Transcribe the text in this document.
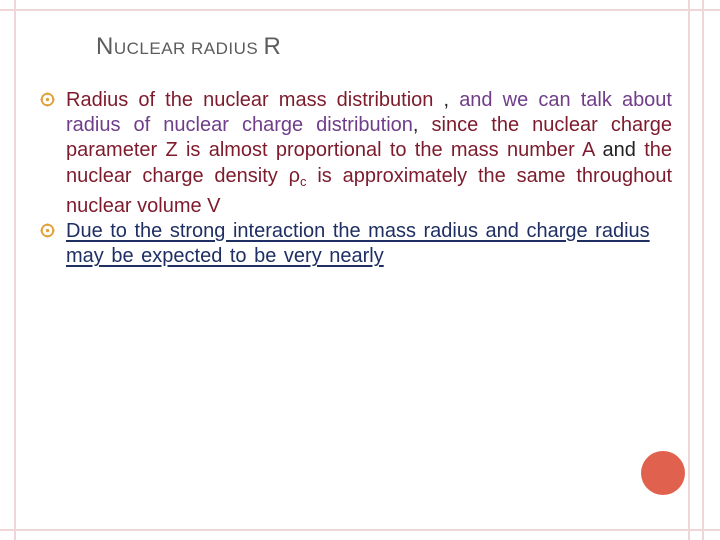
NUCLEAR RADIUS R
Radius of the nuclear mass distribution , and we can talk about radius of nuclear charge distribution, since the nuclear charge parameter Z is almost proportional to the mass number A and the nuclear charge density $\rho_c$ is approximately the same throughout nuclear volume V
Due to the strong interaction the mass radius and charge radius may be expected to be very nearly
